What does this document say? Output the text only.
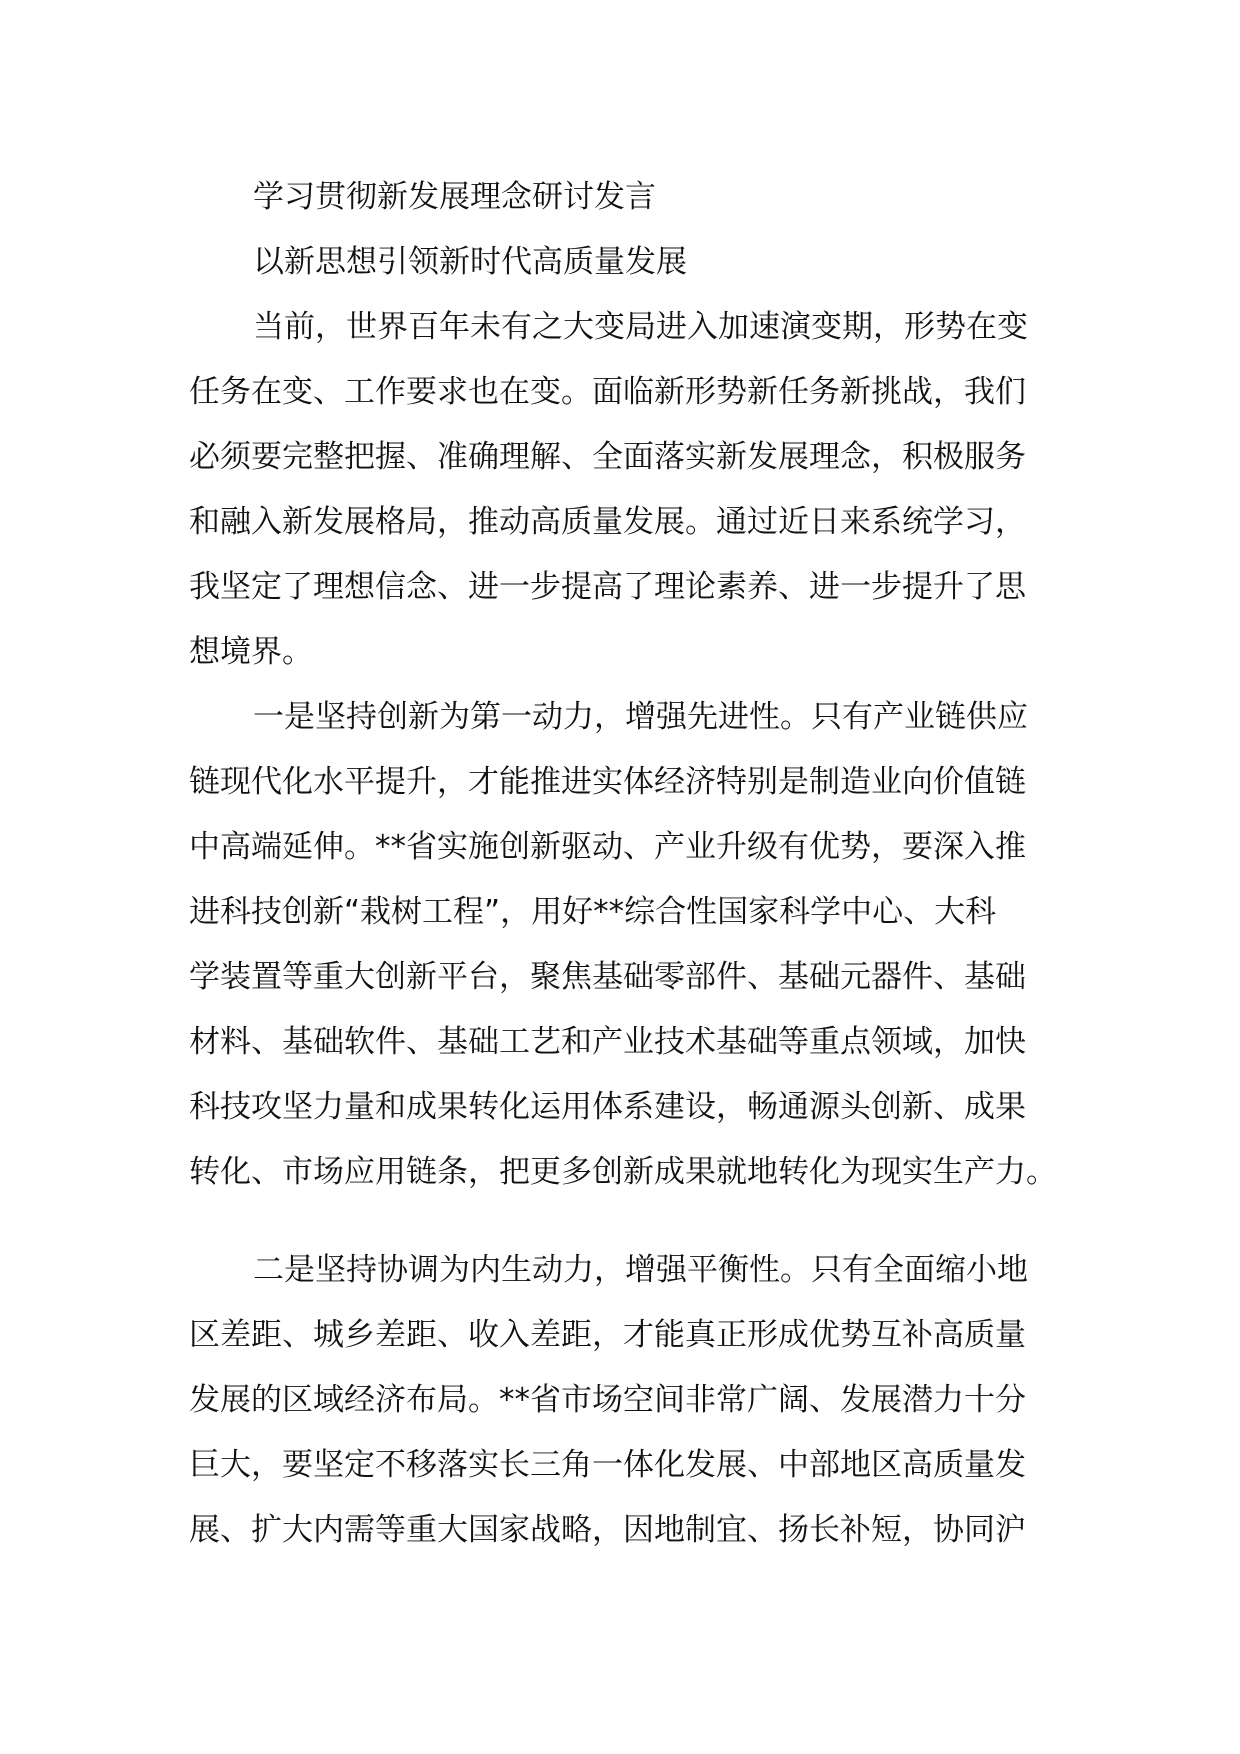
学习贯彻新发展理念研讨发言
以新思想引领新时代高质量发展
当前，世界百年未有之大变局进入加速演变期，形势在变
任务在变、工作要求也在变。面临新形势新任务新挑战，我们
必须要完整把握、准确理解、全面落实新发展理念，积极服务
和融入新发展格局，推动高质量发展。通过近日来系统学习，
我坚定了理想信念、进一步提高了理论素养、进一步提升了思
想境界。
一是坚持创新为第一动力，增强先进性。只有产业链供应
链现代化水平提升，才能推进实体经济特别是制造业向价值链
中高端延伸。**省实施创新驱动、产业升级有优势，要深入推
进科技创新“栽树工程”，用好**综合性国家科学中心、大科
学装置等重大创新平台，聚焦基础零部件、基础元器件、基础
材料、基础软件、基础工艺和产业技术基础等重点领域，加快
科技攻坚力量和成果转化运用体系建设，畅通源头创新、成果
转化、市场应用链条，把更多创新成果就地转化为现实生产力。
二是坚持协调为内生动力，增强平衡性。只有全面缩小地
区差距、城乡差距、收入差距，才能真正形成优势互补高质量
发展的区域经济布局。**省市场空间非常广阔、发展潜力十分
巨大，要坚定不移落实长三角一体化发展、中部地区高质量发
展、扩大内需等重大国家战略，因地制宜、扬长补短，协同沪
